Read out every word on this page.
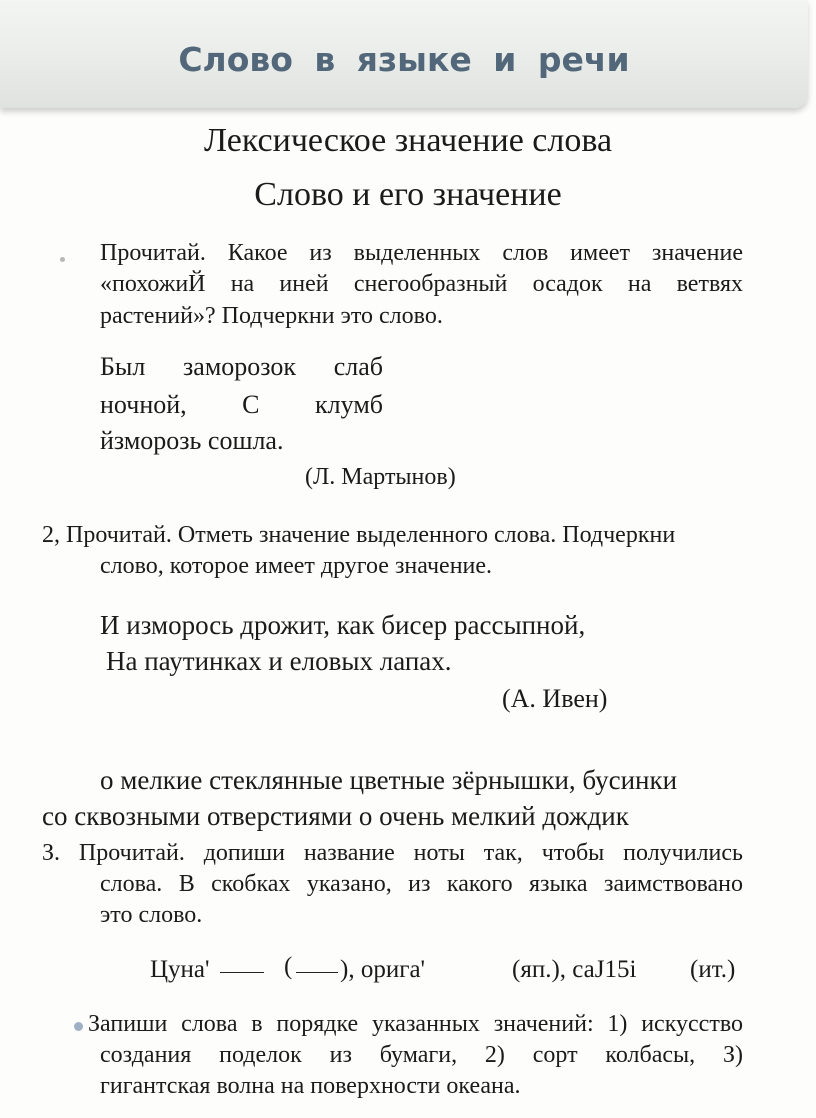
Слово в языке и речи
Лексическое значение слова
Слово и его значение
Прочитай. Какое из выделенных слов имеет значение
«похожиЙ на иней снегообразный осадок на ветвях
растений»? Подчеркни это слово.
Был заморозок слаб
ночной, С клумб
йзморозь сошла.
(Л. Мартынов)
2, Прочитай. Отметь значение выделенного слова. Подчеркни
слово, которое имеет другое значение.
И изморось дрожит, как бисер рассыпной,
На паутинках и еловых лапах.
(А. Ивен)
о мелкие стеклянные цветные зёрнышки, бусинки
со сквозными отверстиями о очень мелкий дождик
З. Прочитай. допиши название ноты так, чтобы получились
слова. В скобках указано, из какого языка заимствовано
это слово.
Цуна'	( ), орига'	(яп.), саJ15i (ит.)
Запиши слова в порядке указанных значений: 1) искусство
создания поделок из бумаги, 2) сорт колбасы, З)
гигантская волна на поверхности океана.
